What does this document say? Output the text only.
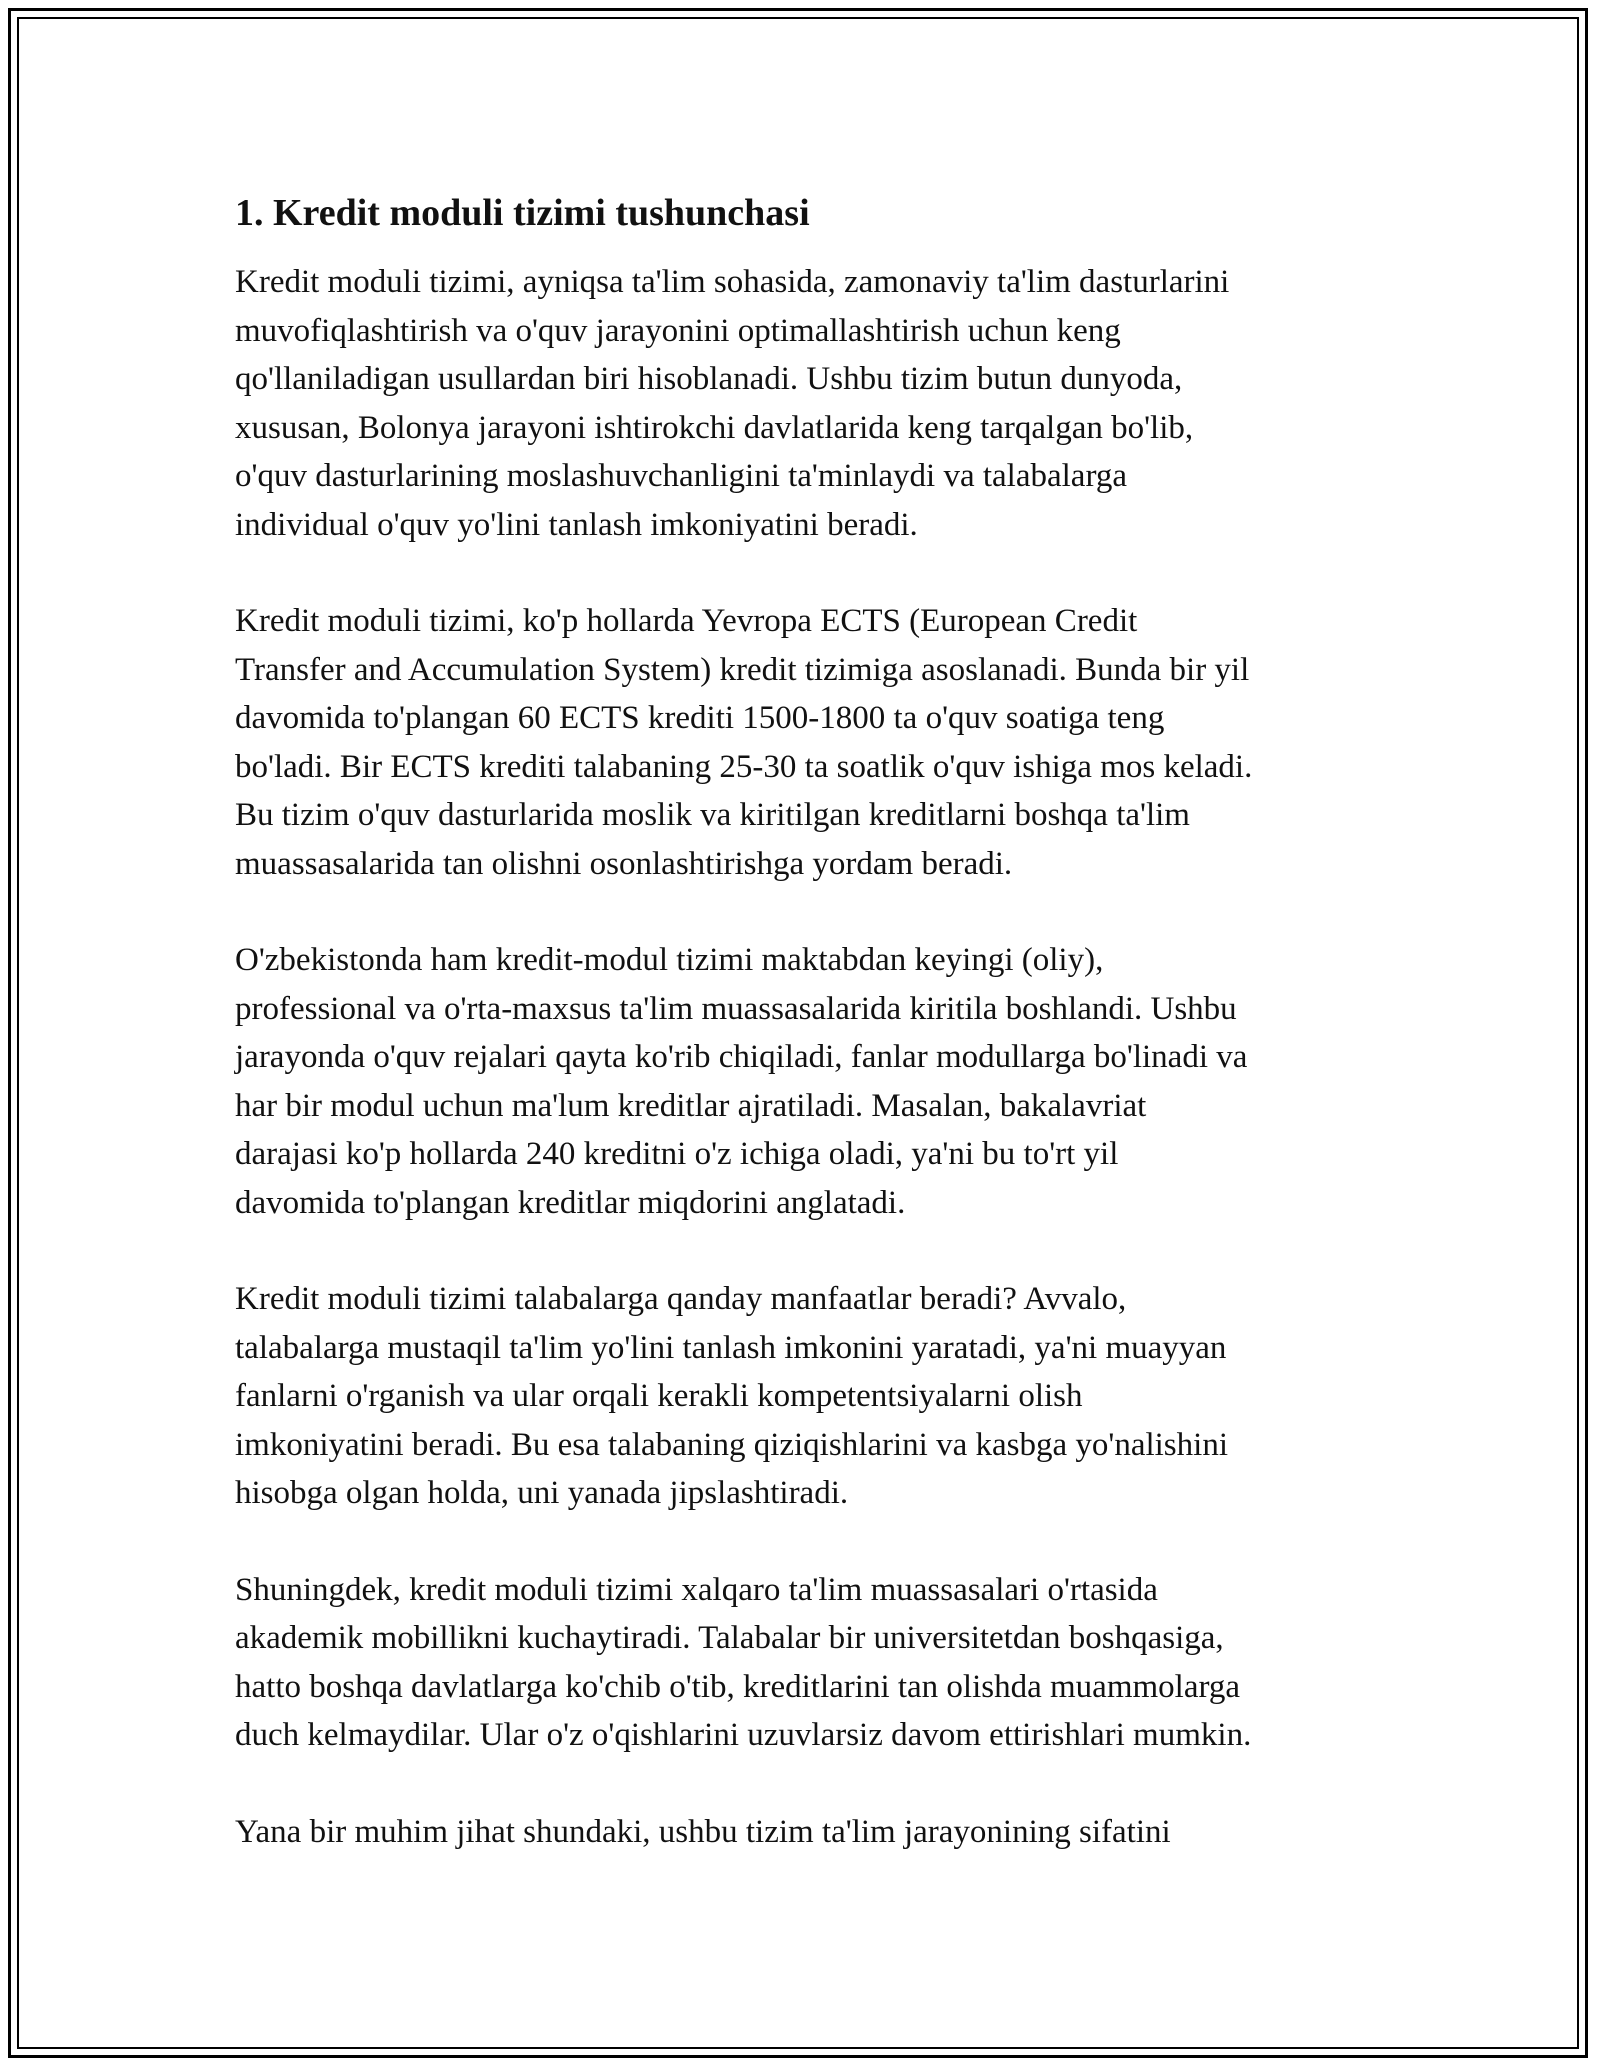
1. Kredit moduli tizimi tushunchasi

Kredit moduli tizimi, ayniqsa ta'lim sohasida, zamonaviy ta'lim dasturlarini
muvofiqlashtirish va o'quv jarayonini optimallashtirish uchun keng
qo'llaniladigan usullardan biri hisoblanadi. Ushbu tizim butun dunyoda,
xususan, Bolonya jarayoni ishtirokchi davlatlarida keng tarqalgan bo'lib,
o'quv dasturlarining moslashuvchanligini ta'minlaydi va talabalarga
individual o'quv yo'lini tanlash imkoniyatini beradi.

Kredit moduli tizimi, ko'p hollarda Yevropa ECTS (European Credit
Transfer and Accumulation System) kredit tizimiga asoslanadi. Bunda bir yil
davomida to'plangan 60 ECTS krediti 1500-1800 ta o'quv soatiga teng
bo'ladi. Bir ECTS krediti talabaning 25-30 ta soatlik o'quv ishiga mos keladi.
Bu tizim o'quv dasturlarida moslik va kiritilgan kreditlarni boshqa ta'lim
muassasalarida tan olishni osonlashtirishga yordam beradi.

O'zbekistonda ham kredit-modul tizimi maktabdan keyingi (oliy),
professional va o'rta-maxsus ta'lim muassasalarida kiritila boshlandi. Ushbu
jarayonda o'quv rejalari qayta ko'rib chiqiladi, fanlar modullarga bo'linadi va
har bir modul uchun ma'lum kreditlar ajratiladi. Masalan, bakalavriat
darajasi ko'p hollarda 240 kreditni o'z ichiga oladi, ya'ni bu to'rt yil
davomida to'plangan kreditlar miqdorini anglatadi.

Kredit moduli tizimi talabalarga qanday manfaatlar beradi? Avvalo,
talabalarga mustaqil ta'lim yo'lini tanlash imkonini yaratadi, ya'ni muayyan
fanlarni o'rganish va ular orqali kerakli kompetentsiyalarni olish
imkoniyatini beradi. Bu esa talabaning qiziqishlarini va kasbga yo'nalishini
hisobga olgan holda, uni yanada jipslashtiradi.

Shuningdek, kredit moduli tizimi xalqaro ta'lim muassasalari o'rtasida
akademik mobillikni kuchaytiradi. Talabalar bir universitetdan boshqasiga,
hatto boshqa davlatlarga ko'chib o'tib, kreditlarini tan olishda muammolarga
duch kelmaydilar. Ular o'z o'qishlarini uzuvlarsiz davom ettirishlari mumkin.

Yana bir muhim jihat shundaki, ushbu tizim ta'lim jarayonining sifatini
